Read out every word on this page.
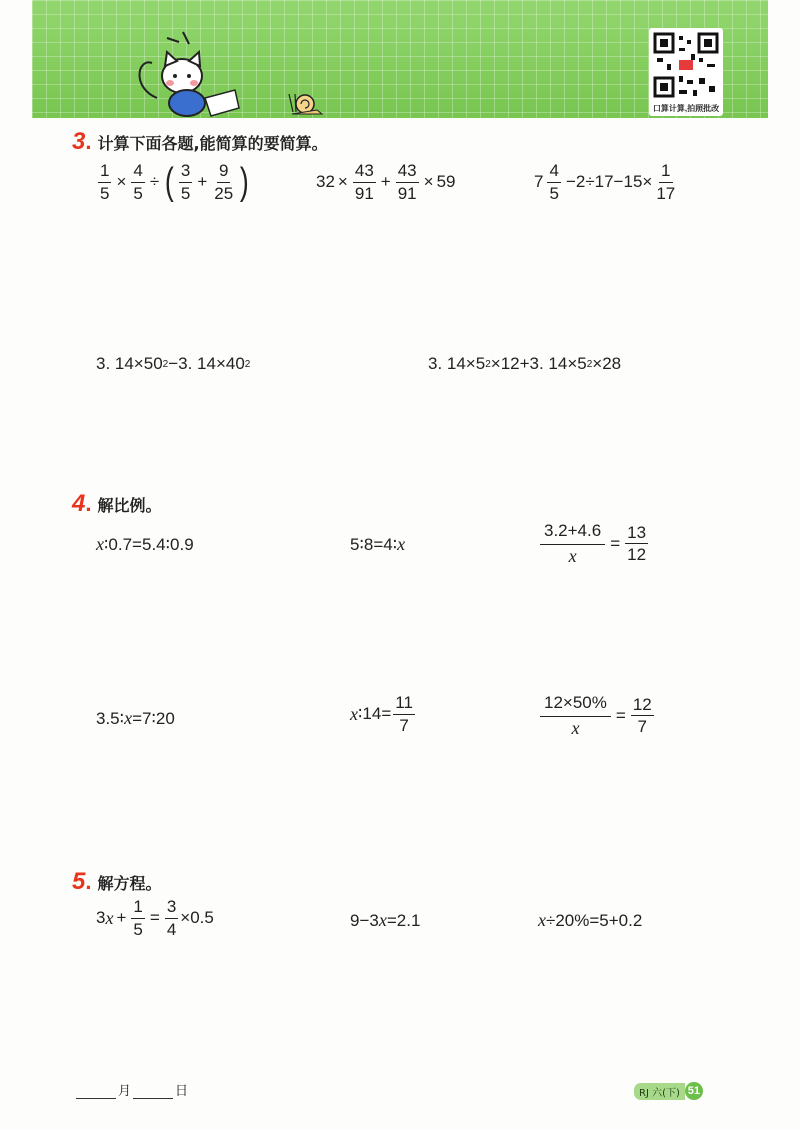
口算计算,拍照批改
3 . 计算下面各题,能简算的要简算。
$\frac{1}{5} \times \frac{4}{5}$ ÷ ( $\frac{3}{5} + \frac{9}{25}$ )	$32 \times \frac{43}{91} + \frac{43}{91} \times 59$	$7 \frac{4}{5} -2\div 17-15\times \frac{1}{17}$
3. 14×50 2 −3. 14×40 2	3. 14×5 2 ×12+3. 14×5 2 ×28
4 . 解比例。
x ∶0.7=5.4∶0.9	5∶8=4∶ x	$\frac{3.2+4.6}{x} = \frac{13}{12}$
3.5∶ x =7∶20	x ∶14= $\frac{11}{7}$	$\frac{12\times 50\%}{x} = \frac{12}{7}$
5 . 解方程。
3 $x + \frac{1}{5} = \frac{3}{4} \times 0.5$	9−3 x =2.1	x ÷20%=5+0.2
月	日	RJ 六(下) 51
